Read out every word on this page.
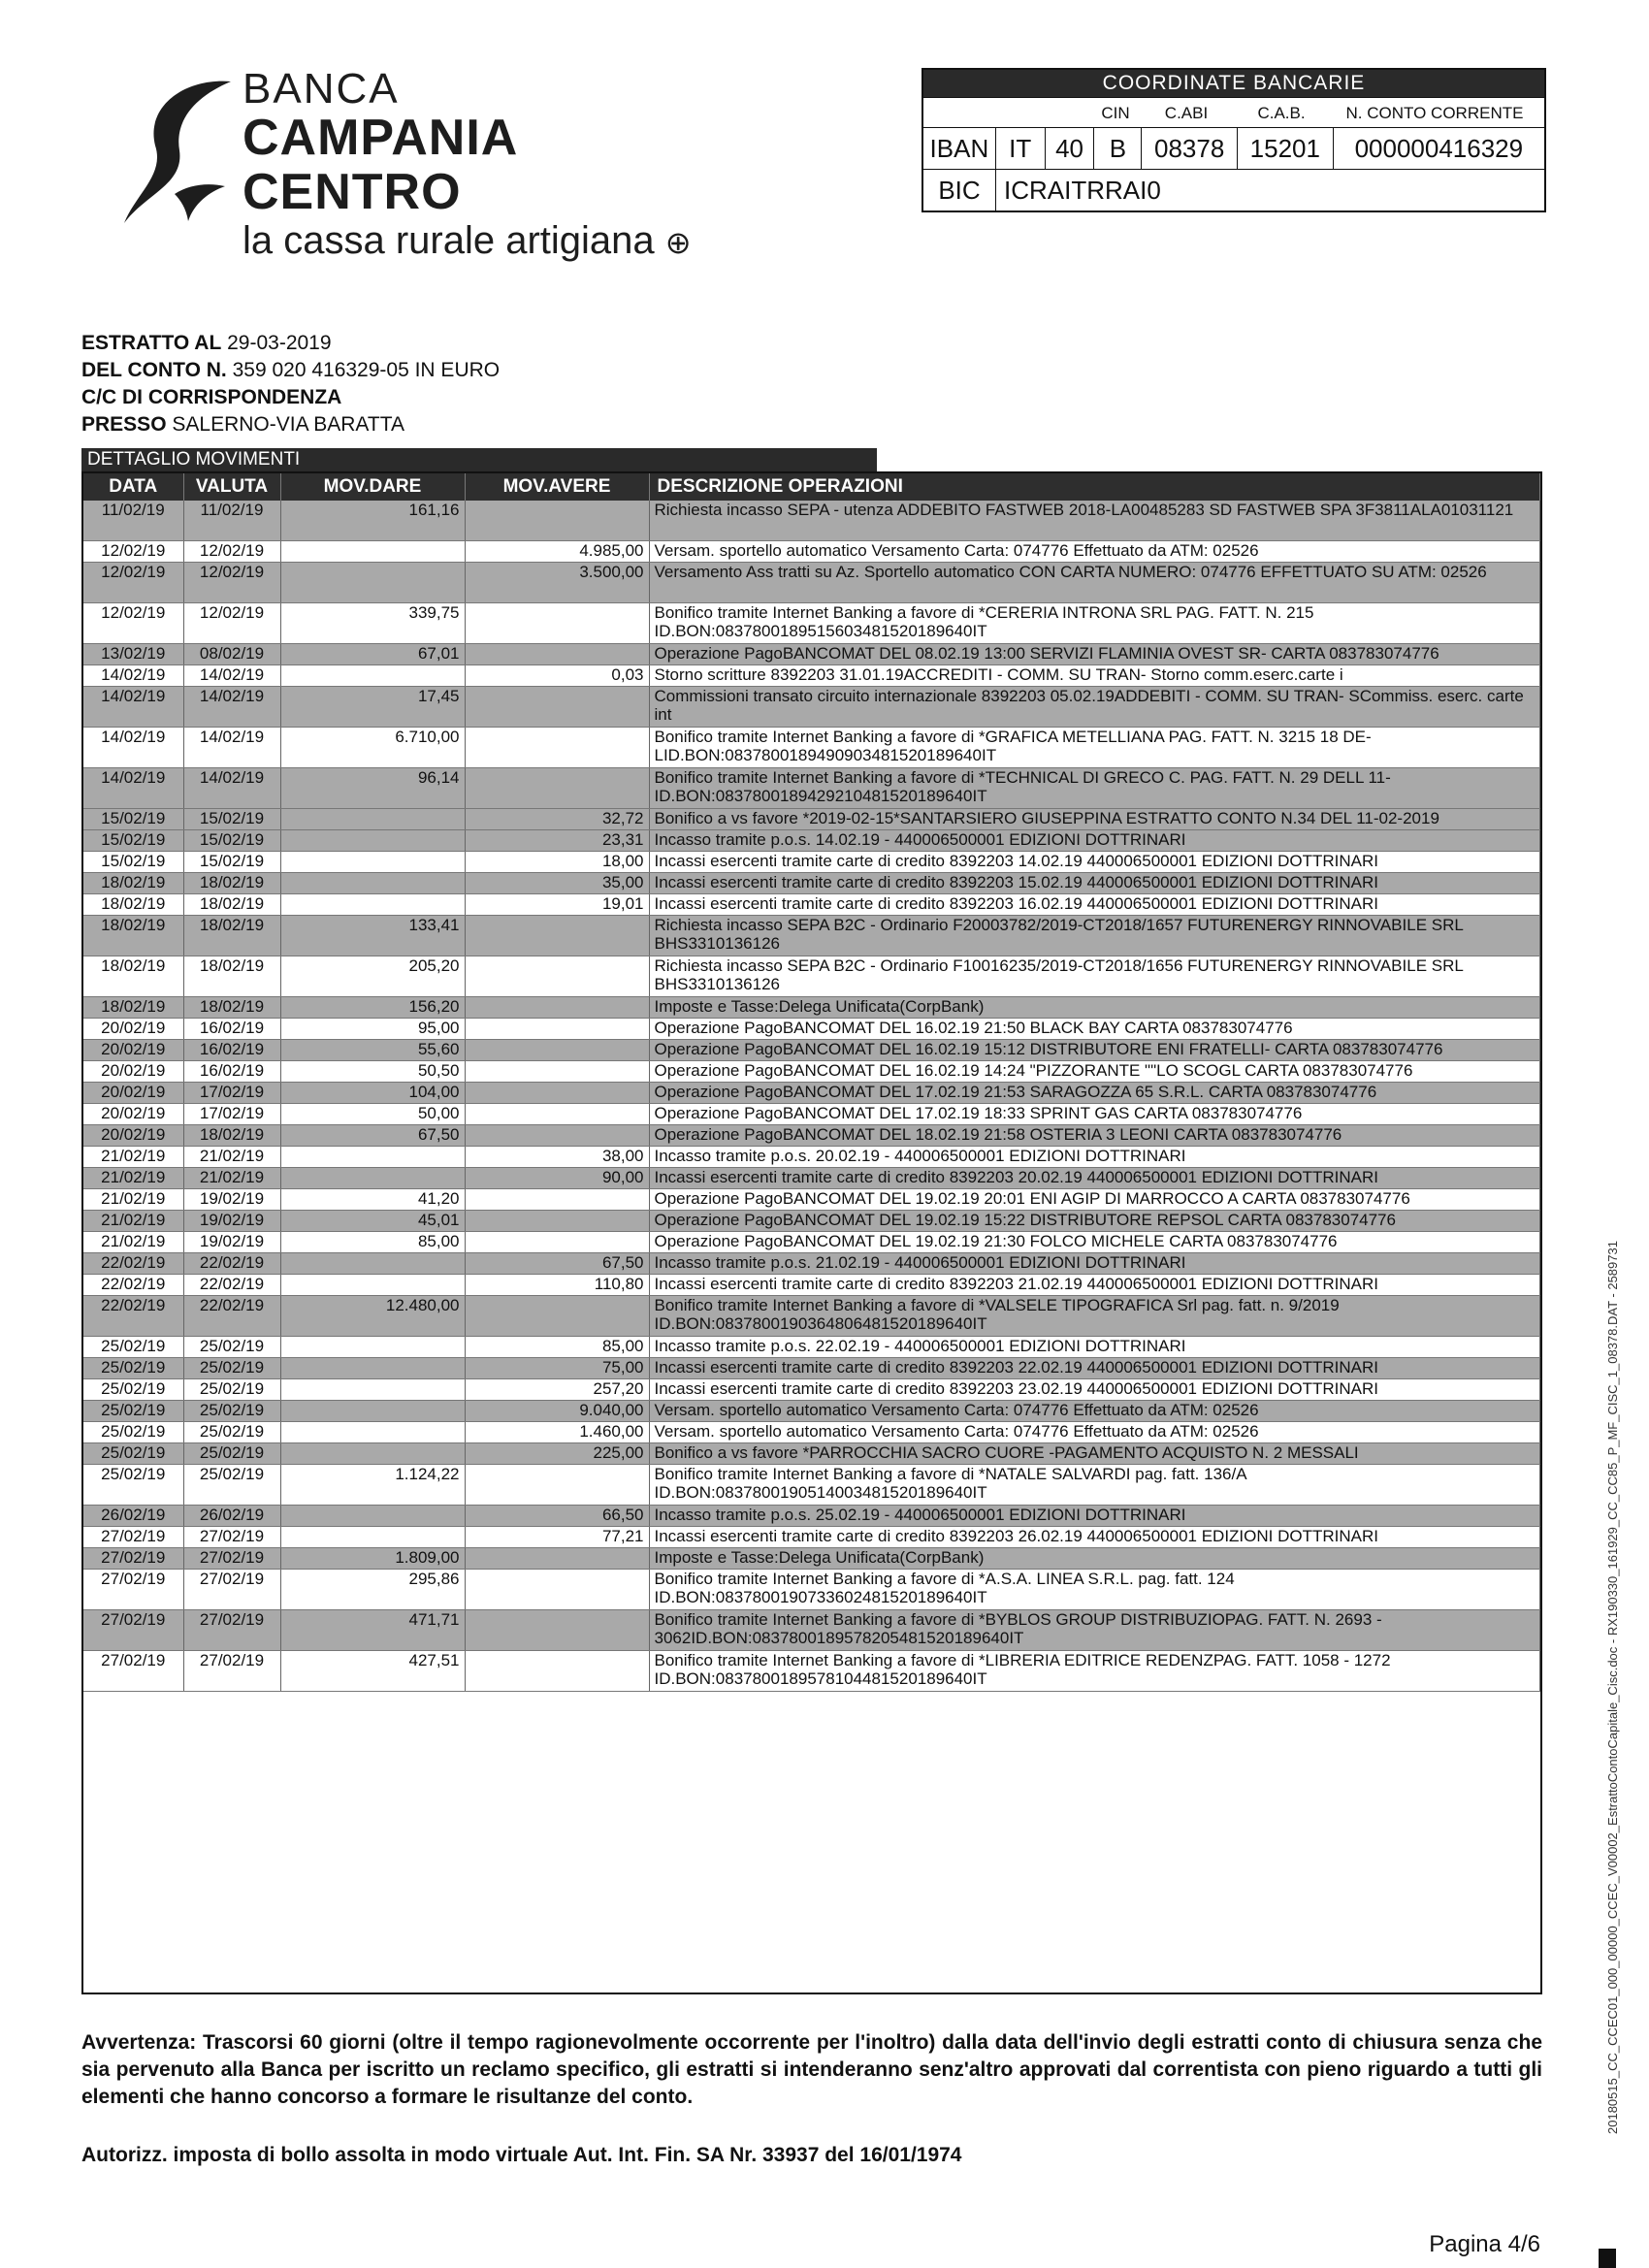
BANCA
CAMPANIA CENTRO
la cassa rurale artigiana ⊕
COORDINATE BANCARIE
CIN	C.ABI	C.A.B.	N. CONTO CORRENTE
IBAN IT 40	B	08378	15201	000000416329
BIC ICRAITRRAI0
ESTRATTO AL 29-03-2019
DEL CONTO N. 359 020 416329-05 IN EURO
C/C DI CORRISPONDENZA
PRESSO SALERNO-VIA BARATTA
DETTAGLIO MOVIMENTI
DATA	VALUTA	MOV.DARE	MOV.AVERE	DESCRIZIONE OPERAZIONI
11/02/19	11/02/19	161,16		Richiesta incasso SEPA - utenza ADDEBITO FASTWEB 2018-LA00485283 SD FASTWEB SPA 3F3811ALA01031121
12/02/19	12/02/19		4.985,00	Versam. sportello automatico Versamento Carta: 074776 Effettuato da ATM: 02526
12/02/19	12/02/19		3.500,00	Versamento Ass tratti su Az. Sportello automatico CON CARTA NUMERO: 074776 EFFETTUATO SU ATM: 02526
12/02/19	12/02/19	339,75		Bonifico tramite Internet Banking a favore di *CERERIA INTRONA SRL PAG. FATT. N. 215 ID.BON:0837800189515603481520189640IT
13/02/19	08/02/19	67,01		Operazione PagoBANCOMAT DEL 08.02.19 13:00 SERVIZI FLAMINIA OVEST SR- CARTA 083783074776
14/02/19	14/02/19		0,03	Storno scritture 8392203 31.01.19ACCREDITI - COMM. SU TRAN- Storno comm.eserc.carte i
14/02/19	14/02/19	17,45		Commissioni transato circuito internazionale 8392203 05.02.19ADDEBITI - COMM. SU TRAN- SCommiss. eserc. carte int
14/02/19	14/02/19	6.710,00		Bonifico tramite Internet Banking a favore di *GRAFICA METELLIANA PAG. FATT. N. 3215 18 DE-LID.BON:0837800189490903481520189640IT
14/02/19	14/02/19	96,14		Bonifico tramite Internet Banking a favore di *TECHNICAL DI GRECO C. PAG. FATT. N. 29 DELL 11-ID.BON:0837800189429210481520189640IT
15/02/19	15/02/19		32,72	Bonifico a vs favore *2019-02-15*SANTARSIERO GIUSEPPINA ESTRATTO CONTO N.34 DEL 11-02-2019
15/02/19	15/02/19		23,31	Incasso tramite p.o.s. 14.02.19 - 440006500001 EDIZIONI DOTTRINARI
15/02/19	15/02/19		18,00	Incassi esercenti tramite carte di credito 8392203 14.02.19 440006500001 EDIZIONI DOTTRINARI
18/02/19	18/02/19		35,00	Incassi esercenti tramite carte di credito 8392203 15.02.19 440006500001 EDIZIONI DOTTRINARI
18/02/19	18/02/19		19,01	Incassi esercenti tramite carte di credito 8392203 16.02.19 440006500001 EDIZIONI DOTTRINARI
18/02/19	18/02/19	133,41		Richiesta incasso SEPA B2C - Ordinario F20003782/2019-CT2018/1657 FUTURENERGY RINNOVABILE SRL BHS3310136126
18/02/19	18/02/19	205,20		Richiesta incasso SEPA B2C - Ordinario F10016235/2019-CT2018/1656 FUTURENERGY RINNOVABILE SRL BHS3310136126
18/02/19	18/02/19	156,20		Imposte e Tasse:Delega Unificata(CorpBank)
20/02/19	16/02/19	95,00		Operazione PagoBANCOMAT DEL 16.02.19 21:50 BLACK BAY CARTA 083783074776
20/02/19	16/02/19	55,60		Operazione PagoBANCOMAT DEL 16.02.19 15:12 DISTRIBUTORE ENI FRATELLI- CARTA 083783074776
20/02/19	16/02/19	50,50		Operazione PagoBANCOMAT DEL 16.02.19 14:24 "PIZZORANTE ""LO SCOGL CARTA 083783074776
20/02/19	17/02/19	104,00		Operazione PagoBANCOMAT DEL 17.02.19 21:53 SARAGOZZA 65 S.R.L. CARTA 083783074776
20/02/19	17/02/19	50,00		Operazione PagoBANCOMAT DEL 17.02.19 18:33 SPRINT GAS CARTA 083783074776
20/02/19	18/02/19	67,50		Operazione PagoBANCOMAT DEL 18.02.19 21:58 OSTERIA 3 LEONI CARTA 083783074776
21/02/19	21/02/19		38,00	Incasso tramite p.o.s. 20.02.19 - 440006500001 EDIZIONI DOTTRINARI
21/02/19	21/02/19		90,00	Incassi esercenti tramite carte di credito 8392203 20.02.19 440006500001 EDIZIONI DOTTRINARI
21/02/19	19/02/19	41,20		Operazione PagoBANCOMAT DEL 19.02.19 20:01 ENI AGIP DI MARROCCO A CARTA 083783074776
21/02/19	19/02/19	45,01		Operazione PagoBANCOMAT DEL 19.02.19 15:22 DISTRIBUTORE REPSOL CARTA 083783074776
21/02/19	19/02/19	85,00		Operazione PagoBANCOMAT DEL 19.02.19 21:30 FOLCO MICHELE CARTA 083783074776
22/02/19	22/02/19		67,50	Incasso tramite p.o.s. 21.02.19 - 440006500001 EDIZIONI DOTTRINARI
22/02/19	22/02/19		110,80	Incassi esercenti tramite carte di credito 8392203 21.02.19 440006500001 EDIZIONI DOTTRINARI
22/02/19	22/02/19	12.480,00		Bonifico tramite Internet Banking a favore di *VALSELE TIPOGRAFICA Srl pag. fatt. n. 9/2019 ID.BON:0837800190364806481520189640IT
25/02/19	25/02/19		85,00	Incasso tramite p.o.s. 22.02.19 - 440006500001 EDIZIONI DOTTRINARI
25/02/19	25/02/19		75,00	Incassi esercenti tramite carte di credito 8392203 22.02.19 440006500001 EDIZIONI DOTTRINARI
25/02/19	25/02/19		257,20	Incassi esercenti tramite carte di credito 8392203 23.02.19 440006500001 EDIZIONI DOTTRINARI
25/02/19	25/02/19		9.040,00	Versam. sportello automatico Versamento Carta: 074776 Effettuato da ATM: 02526
25/02/19	25/02/19		1.460,00	Versam. sportello automatico Versamento Carta: 074776 Effettuato da ATM: 02526
25/02/19	25/02/19		225,00	Bonifico a vs favore *PARROCCHIA SACRO CUORE -PAGAMENTO ACQUISTO N. 2 MESSALI
25/02/19	25/02/19	1.124,22		Bonifico tramite Internet Banking a favore di *NATALE SALVARDI pag. fatt. 136/A ID.BON:0837800190514003481520189640IT
26/02/19	26/02/19		66,50	Incasso tramite p.o.s. 25.02.19 - 440006500001 EDIZIONI DOTTRINARI
27/02/19	27/02/19		77,21	Incassi esercenti tramite carte di credito 8392203 26.02.19 440006500001 EDIZIONI DOTTRINARI
27/02/19	27/02/19	1.809,00		Imposte e Tasse:Delega Unificata(CorpBank)
27/02/19	27/02/19	295,86		Bonifico tramite Internet Banking a favore di *A.S.A. LINEA S.R.L. pag. fatt. 124 ID.BON:0837800190733602481520189640IT
27/02/19	27/02/19	471,71		Bonifico tramite Internet Banking a favore di *BYBLOS GROUP DISTRIBUZIOPAG. FATT. N. 2693 - 3062ID.BON:0837800189578205481520189640IT
27/02/19	27/02/19	427,51		Bonifico tramite Internet Banking a favore di *LIBRERIA EDITRICE REDENZPAG. FATT. 1058 - 1272 ID.BON:0837800189578104481520189640IT
Avvertenza: Trascorsi 60 giorni (oltre il tempo ragionevolmente occorrente per l'inoltro) dalla data dell'invio degli estratti conto di chiusura senza che sia pervenuto alla Banca per iscritto un reclamo specifico, gli estratti si intenderanno senz'altro approvati dal correntista con pieno riguardo a tutti gli elementi che hanno concorso a formare le risultanze del conto.
Autorizz. imposta di bollo assolta in modo virtuale Aut. Int. Fin. SA Nr. 33937 del 16/01/1974
Pagina 4/6
20180515_CC_CCEC01_000_00000_CCEC_V00002_EstrattoContoCapitale_Cisc.doc - RX190330_161929_CC_CC85_P_MF_CISC_1_08378.DAT - 2589731
